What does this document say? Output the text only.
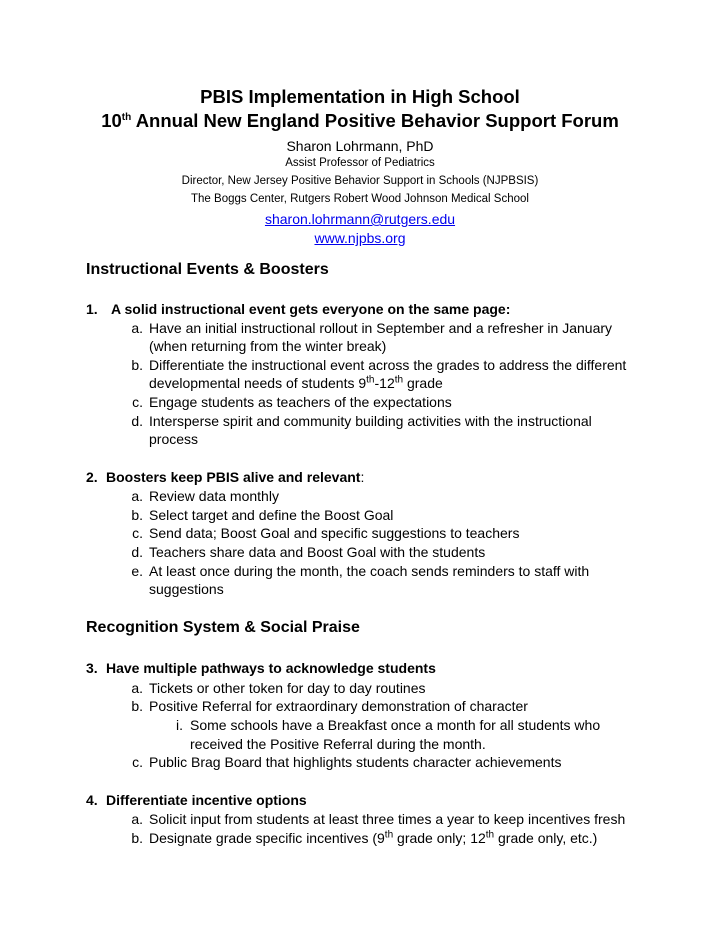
PBIS Implementation in High School
10th Annual New England Positive Behavior Support Forum
Sharon Lohrmann, PhD
Assist Professor of Pediatrics
Director, New Jersey Positive Behavior Support in Schools (NJPBSIS)
The Boggs Center, Rutgers Robert Wood Johnson Medical School
sharon.lohrmann@rutgers.edu
www.njpbs.org
Instructional Events & Boosters
1. A solid instructional event gets everyone on the same page:
a. Have an initial instructional rollout in September and a refresher in January
(when returning from the winter break)
b. Differentiate the instructional event across the grades to address the different
developmental needs of students 9th-12th grade
c. Engage students as teachers of the expectations
d. Intersperse spirit and community building activities with the instructional
process
2. Boosters keep PBIS alive and relevant:
a. Review data monthly
b. Select target and define the Boost Goal
c. Send data; Boost Goal and specific suggestions to teachers
d. Teachers share data and Boost Goal with the students
e. At least once during the month, the coach sends reminders to staff with
suggestions
Recognition System & Social Praise
3. Have multiple pathways to acknowledge students
a. Tickets or other token for day to day routines
b. Positive Referral for extraordinary demonstration of character
i. Some schools have a Breakfast once a month for all students who
received the Positive Referral during the month.
c. Public Brag Board that highlights students character achievements
4. Differentiate incentive options
a. Solicit input from students at least three times a year to keep incentives fresh
b. Designate grade specific incentives (9th grade only; 12th grade only, etc.)
